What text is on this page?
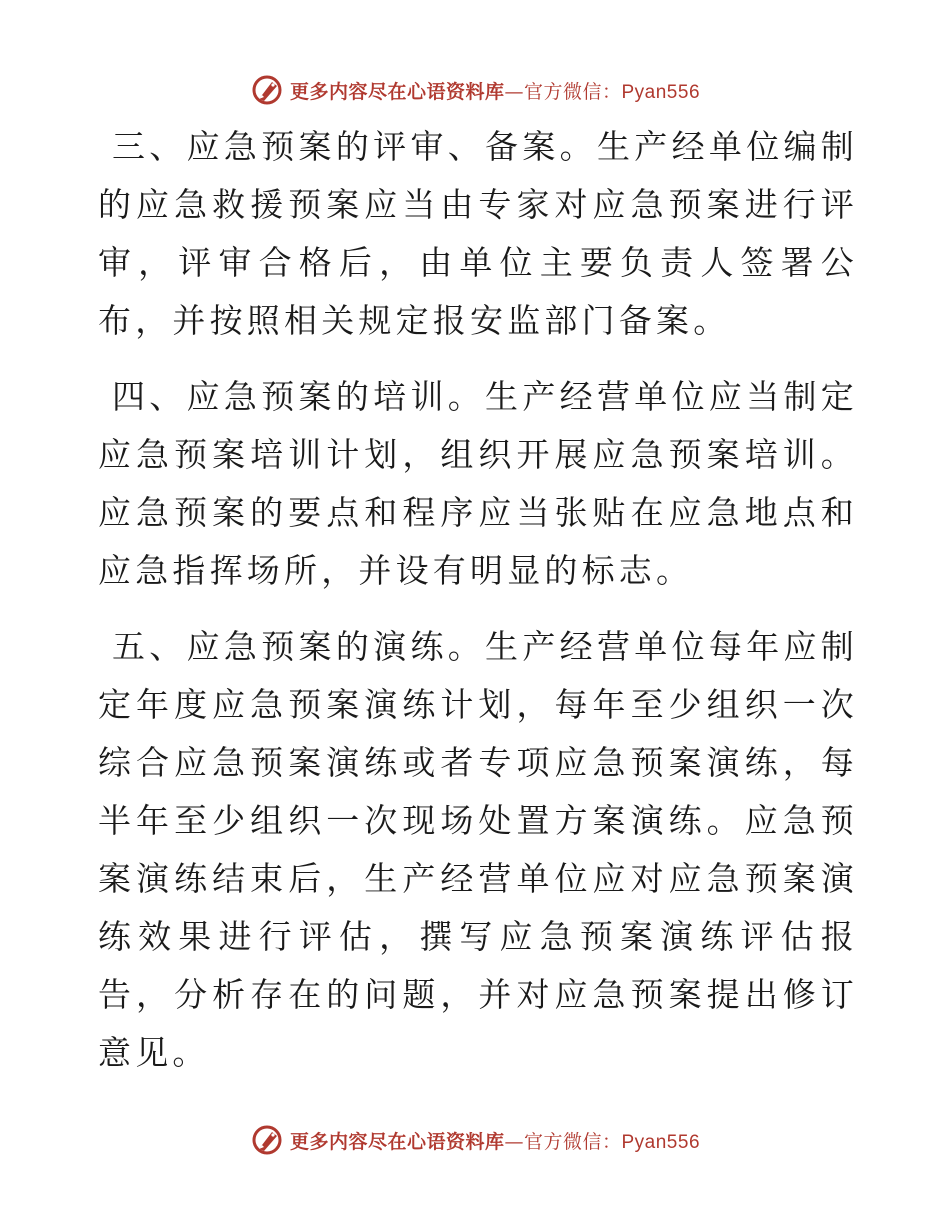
更多内容尽在心语资料库—官方微信：Pyan556

三、应急预案的评审、备案。生产经单位编制的应急救援预案应当由专家对应急预案进行评审，评审合格后，由单位主要负责人签署公布，并按照相关规定报安监部门备案。

四、应急预案的培训。生产经营单位应当制定应急预案培训计划，组织开展应急预案培训。应急预案的要点和程序应当张贴在应急地点和应急指挥场所，并设有明显的标志。

五、应急预案的演练。生产经营单位每年应制定年度应急预案演练计划，每年至少组织一次综合应急预案演练或者专项应急预案演练，每半年至少组织一次现场处置方案演练。应急预案演练结束后，生产经营单位应对应急预案演练效果进行评估，撰写应急预案演练评估报告，分析存在的问题，并对应急预案提出修订意见。

更多内容尽在心语资料库—官方微信：Pyan556
